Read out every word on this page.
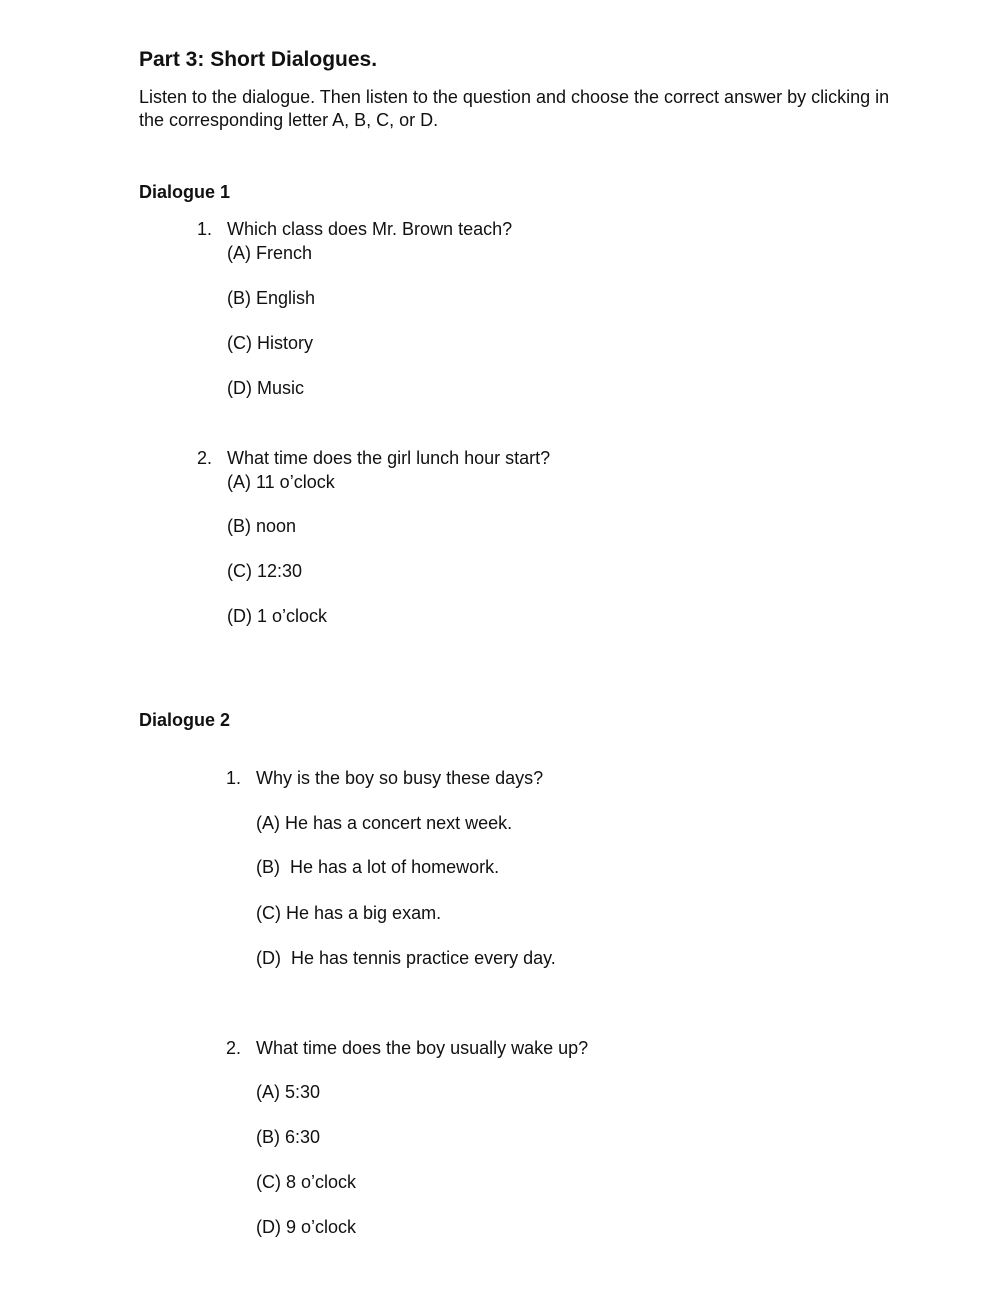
Part 3: Short Dialogues.
Listen to the dialogue. Then listen to the question and choose the correct answer by clicking in the corresponding letter A, B, C, or D.
Dialogue 1
1. Which class does Mr. Brown teach?
(A) French
(B) English
(C) History
(D) Music
2. What time does the girl lunch hour start?
(A) 11 o’clock
(B) noon
(C) 12:30
(D) 1 o’clock
Dialogue 2
1. Why is the boy so busy these days?
(A) He has a concert next week.
(B)  He has a lot of homework.
(C) He has a big exam.
(D)  He has tennis practice every day.
2. What time does the boy usually wake up?
(A) 5:30
(B) 6:30
(C) 8 o’clock
(D) 9 o’clock
